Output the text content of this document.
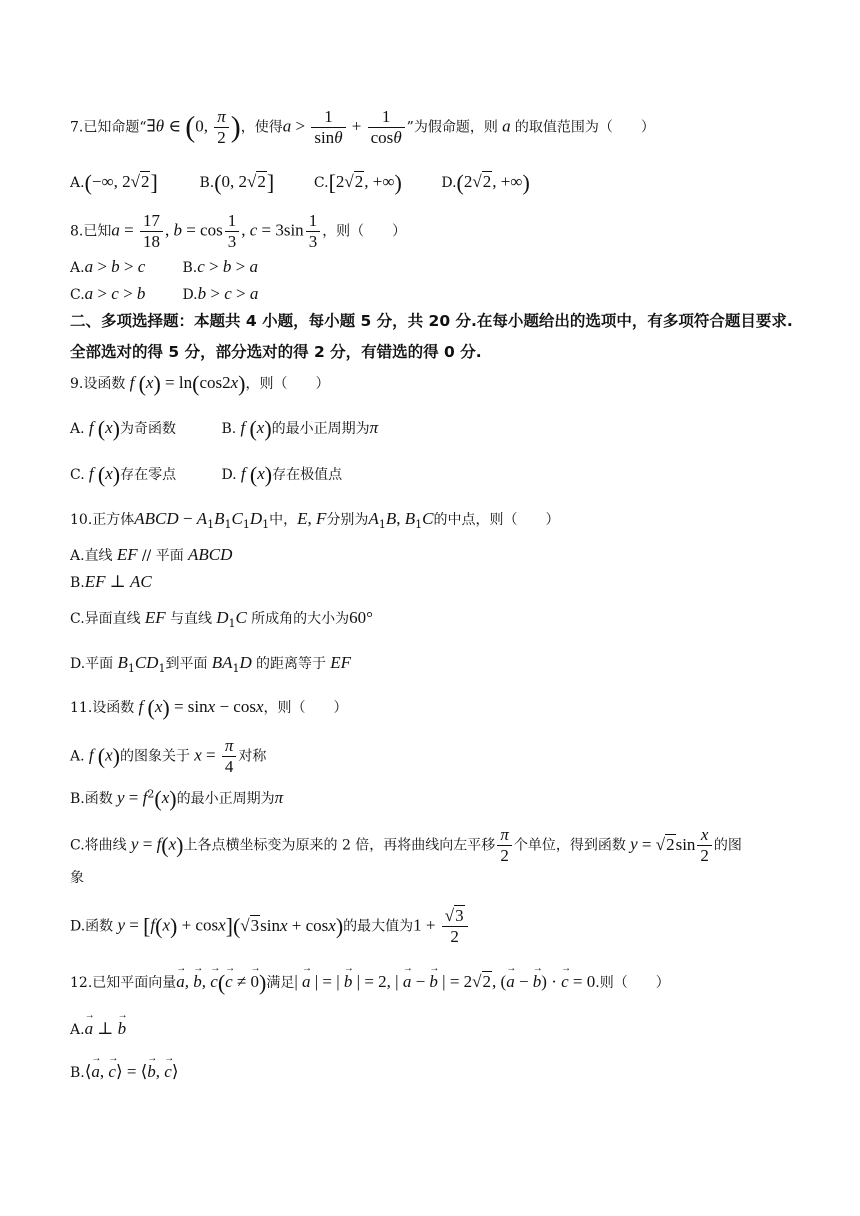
7.已知命题“∃θ ∈ (0, $\frac{\pi}{2}$ )，使得$a > \frac{1}{\sin\theta} + \frac{1}{\cos\theta}$ ”为假命题，则 a 的取值范围为（　　）
A.(−∞, 2√2]	B.(0, 2√2]	C.[2√2, +∞)	D.(2√2, +∞)
8.已知$a = \frac{17}{18}$ , $b = \cos \frac{1}{3}$ , $c = 3\sin \frac{1}{3}$ ，则（　　）
A.a > b > c	B.c > b > a
C.a > c > b	D.b > c > a
二、多项选择题：本题共 4 小题，每小题 5 分，共 20 分.在每小题给出的选项中，有多项符合题目要求.全部选对的得 5 分，部分选对的得 2 分，有错选的得 0 分.
9.设函数 f (x) = ln(cos2x)，则（　　）
A. f (x)为奇函数	B. f (x)的最小正周期为π
C. f (x)存在零点	D. f (x)存在极值点
10.正方体ABCD − $A_1B_1C_1D_1$中，E, F分别为$A_1B$, $B_1C$的中点，则（　　）
A.直线 EF // 平面 ABCD
B.EF ⊥ AC
C.异面直线 EF 与直线 $D_1C$ 所成角的大小为60°
D.平面 $B_1CD_1$到平面 $BA_1D$ 的距离等于 EF
11.设函数 f (x) = sinx − cosx，则（　　）
A. f (x)的图象关于 $x = \frac{\pi}{4}$ 对称
B.函数 $y = f^2(x)$的最小正周期为π
C.将曲线 y = f(x)上各点横坐标变为原来的 2 倍，再将曲线向左平移 $\frac{\pi}{2}$ 个单位，得到函数 $y = √2\sin \frac{x}{2}$ 的图
象
D.函数 y = [f(x) + cosx](√3sinx + cosx)的最大值为$1 + \frac{√3}{2}$
12.已知平面向量→ a, → b, → c(→ c ≠ → 0)满足| → a | = | → b | = 2, | → a − → b | = 2√2, (→ a − → b) · → c = 0.则（　　）
A.→ a ⊥ → b
B.⟨→ a, → c⟩ = ⟨→ b, → c⟩
